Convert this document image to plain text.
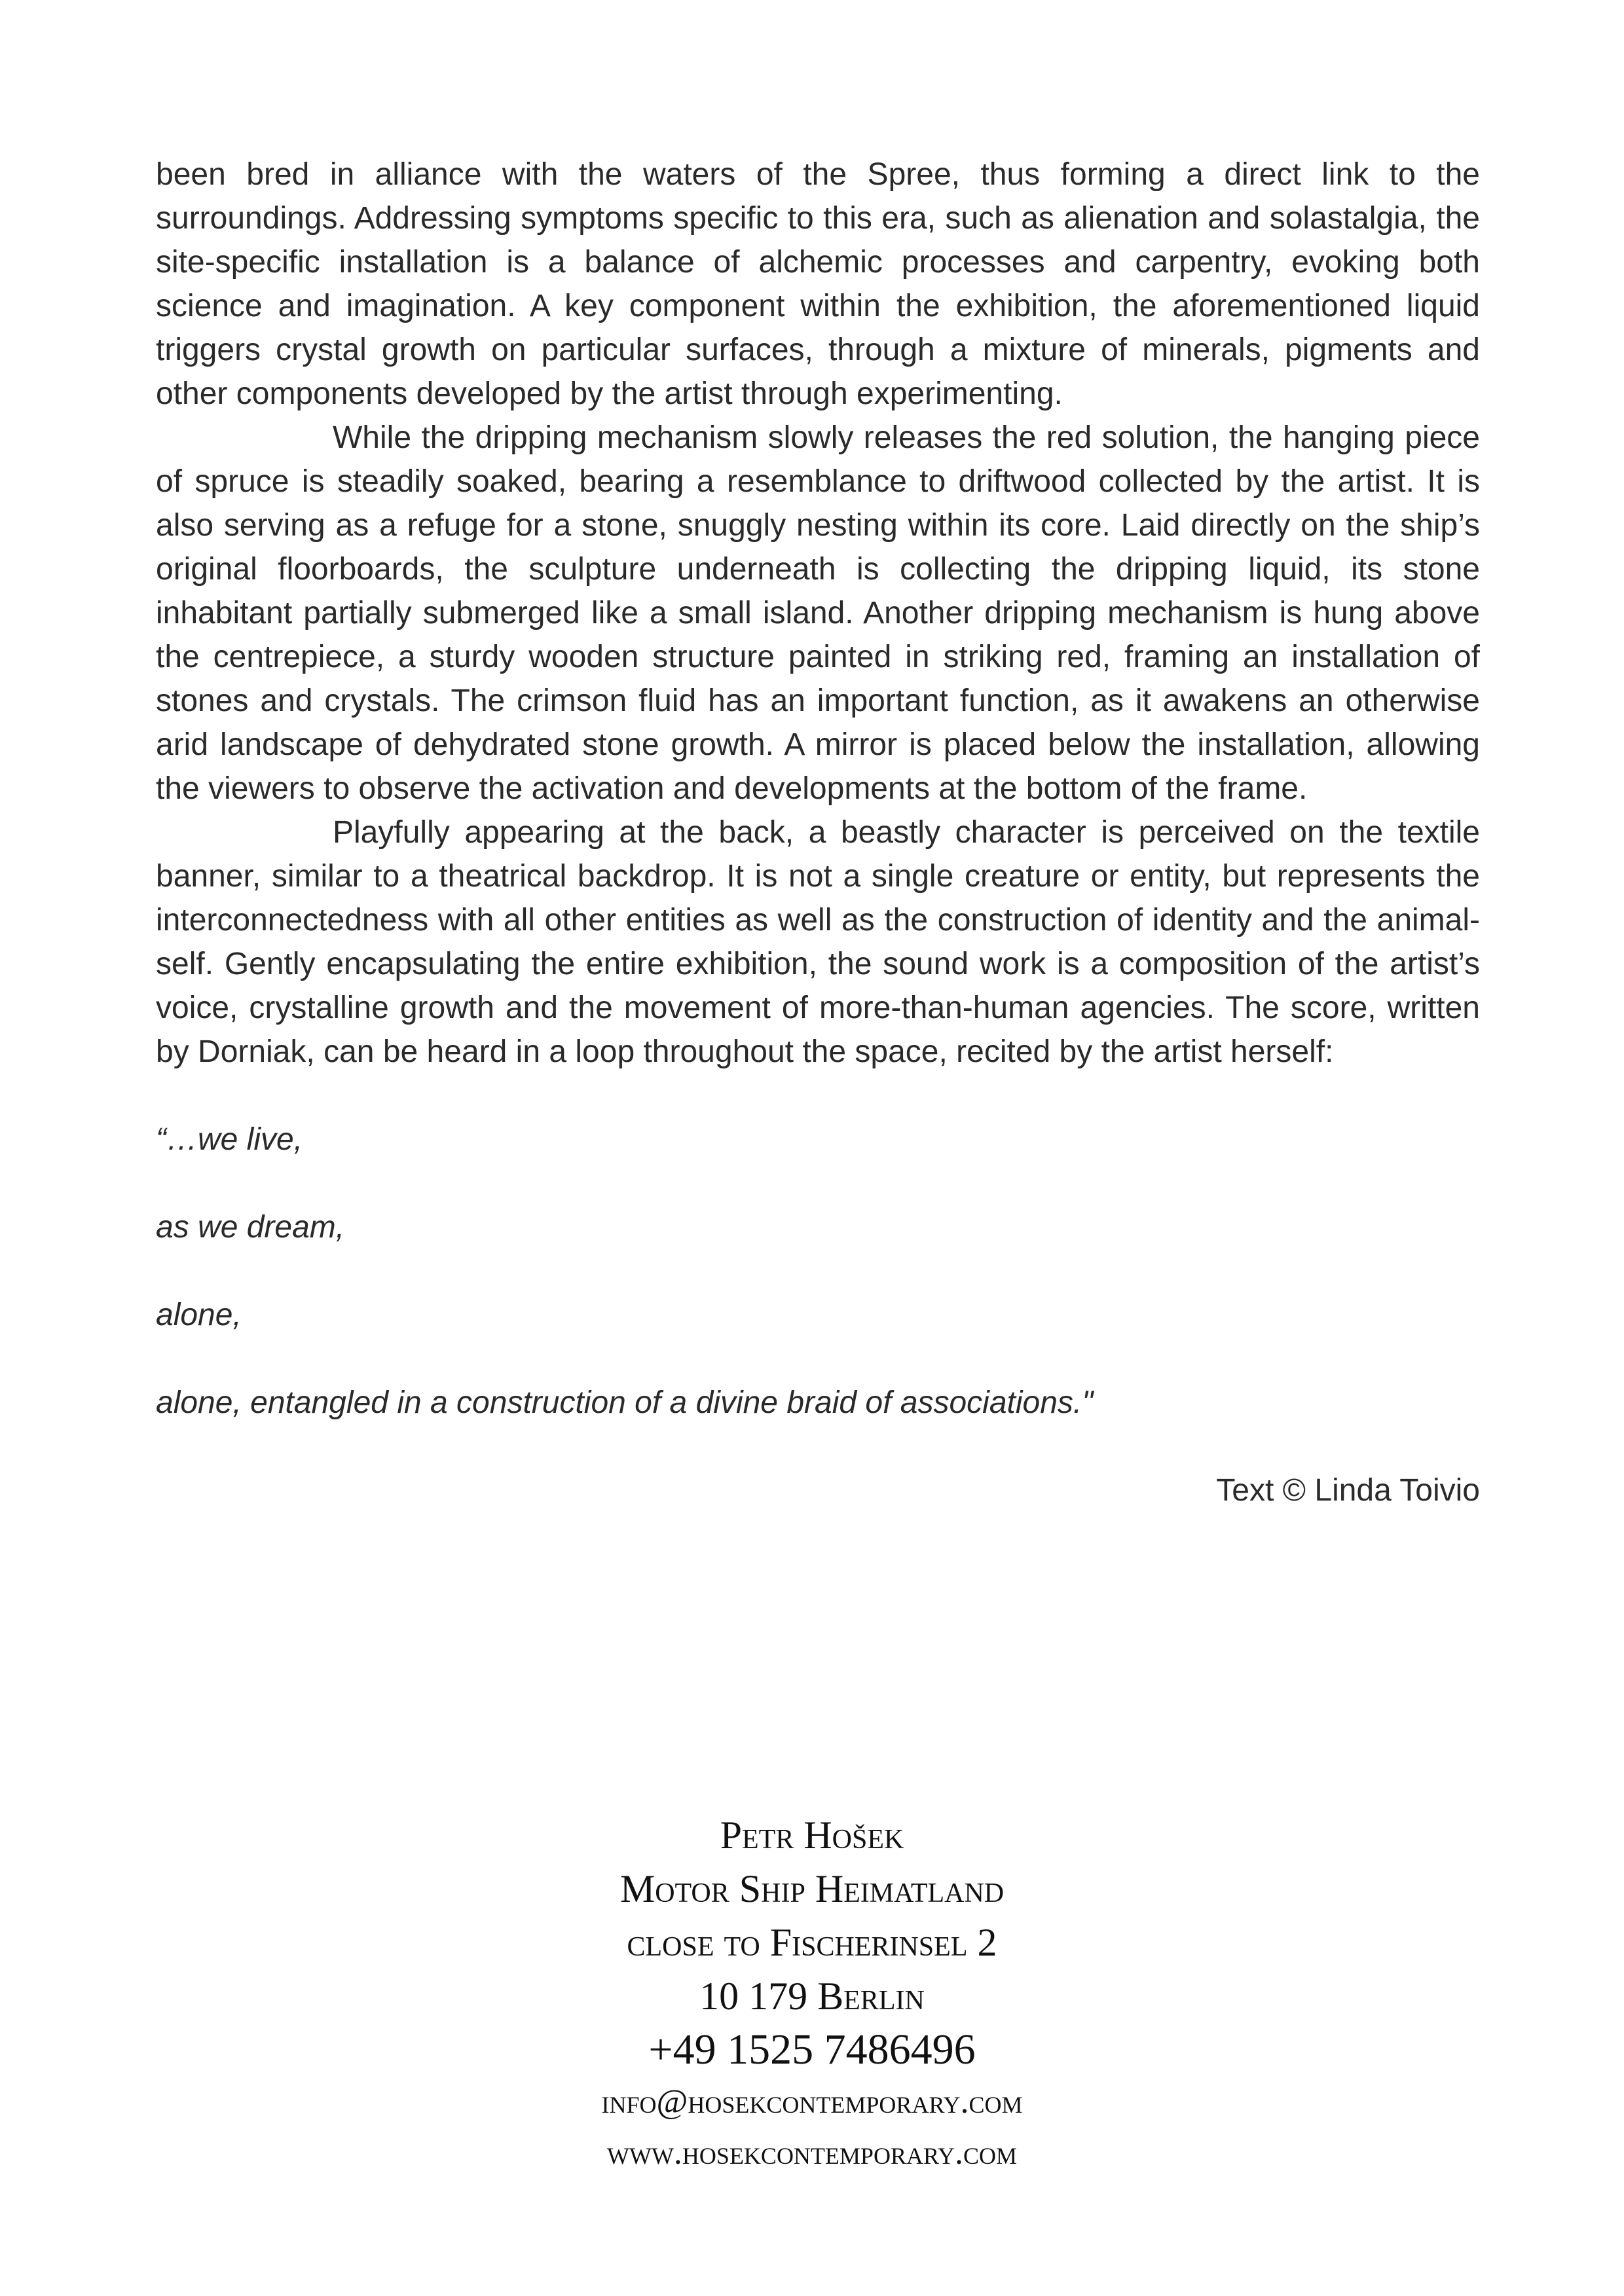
been bred in alliance with the waters of the Spree, thus forming a direct link to the surroundings. Addressing symptoms specific to this era, such as alienation and solastalgia, the site-specific installation is a balance of alchemic processes and carpentry, evoking both science and imagination. A key component within the exhibition, the aforementioned liquid triggers crystal growth on particular surfaces, through a mixture of minerals, pigments and other components developed by the artist through experimenting.

While the dripping mechanism slowly releases the red solution, the hanging piece of spruce is steadily soaked, bearing a resemblance to driftwood collected by the artist. It is also serving as a refuge for a stone, snuggly nesting within its core. Laid directly on the ship’s original floorboards, the sculpture underneath is collecting the dripping liquid, its stone inhabitant partially submerged like a small island. Another dripping mechanism is hung above the centrepiece, a sturdy wooden structure painted in striking red, framing an installation of stones and crystals. The crimson fluid has an important function, as it awakens an otherwise arid landscape of dehydrated stone growth. A mirror is placed below the installation, allowing the viewers to observe the activation and developments at the bottom of the frame.

Playfully appearing at the back, a beastly character is perceived on the textile banner, similar to a theatrical backdrop. It is not a single creature or entity, but represents the interconnectedness with all other entities as well as the construction of identity and the animal-self. Gently encapsulating the entire exhibition, the sound work is a composition of the artist’s voice, crystalline growth and the movement of more-than-human agencies. The score, written by Dorniak, can be heard in a loop throughout the space, recited by the artist herself:

“…we live,

as we dream,

alone,

alone, entangled in a construction of a divine braid of associations."

Text © Linda Toivio

Petr Hošek

Motor Ship Heimatland

close to Fischerinsel 2

10 179 Berlin

+49 1525 7486496

info@hosekcontemporary.com

www.hosekcontemporary.com
